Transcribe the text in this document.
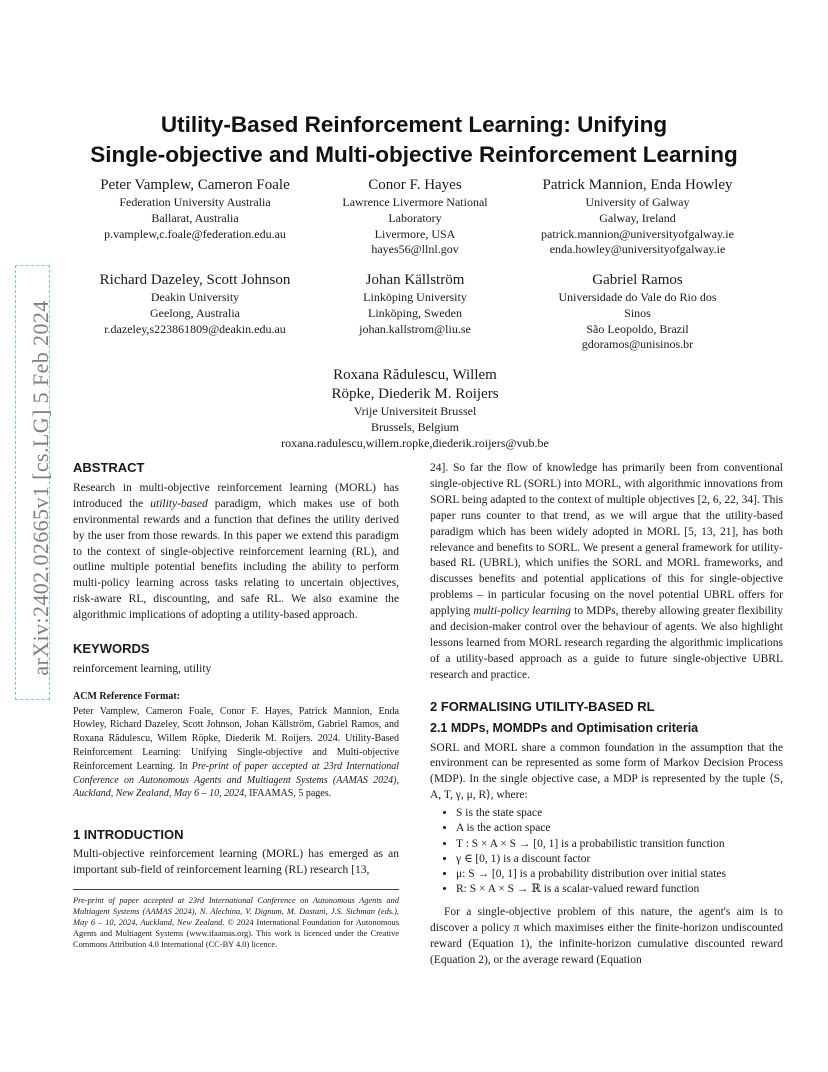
arXiv:2402.02665v1 [cs.LG] 5 Feb 2024
Utility-Based Reinforcement Learning: Unifying
Single-objective and Multi-objective Reinforcement Learning
Peter Vamplew, Cameron Foale
Federation University Australia
Ballarat, Australia
p.vamplew,c.foale@federation.edu.au
Conor F. Hayes
Lawrence Livermore National
Laboratory
Livermore, USA
hayes56@llnl.gov
Patrick Mannion, Enda Howley
University of Galway
Galway, Ireland
patrick.mannion@universityofgalway.ie
enda.howley@universityofgalway.ie
Richard Dazeley, Scott Johnson
Deakin University
Geelong, Australia
r.dazeley,s223861809@deakin.edu.au
Johan Källström
Linköping University
Linköping, Sweden
johan.kallstrom@liu.se
Gabriel Ramos
Universidade do Vale do Rio dos
Sinos
São Leopoldo, Brazil
gdoramos@unisinos.br
Roxana Rădulescu, Willem
Röpke, Diederik M. Roijers
Vrije Universiteit Brussel
Brussels, Belgium
roxana.radulescu,willem.ropke,diederik.roijers@vub.be
ABSTRACT

Research in multi-objective reinforcement learning (MORL) has introduced the utility-based paradigm, which makes use of both environmental rewards and a function that defines the utility derived by the user from those rewards. In this paper we extend this paradigm to the context of single-objective reinforcement learning (RL), and outline multiple potential benefits including the ability to perform multi-policy learning across tasks relating to uncertain objectives, risk-aware RL, discounting, and safe RL. We also examine the algorithmic implications of adopting a utility-based approach.

KEYWORDS

reinforcement learning, utility

ACM Reference Format:

Peter Vamplew, Cameron Foale, Conor F. Hayes, Patrick Mannion, Enda Howley, Richard Dazeley, Scott Johnson, Johan Källström, Gabriel Ramos, and Roxana Rădulescu, Willem Röpke, Diederik M. Roijers. 2024. Utility-Based Reinforcement Learning: Unifying Single-objective and Multi-objective Reinforcement Learning. In Pre-print of paper accepted at 23rd International Conference on Autonomous Agents and Multiagent Systems (AAMAS 2024), Auckland, New Zealand, May 6 – 10, 2024, IFAAMAS, 5 pages.

1 INTRODUCTION

Multi-objective reinforcement learning (MORL) has emerged as an important sub-field of reinforcement learning (RL) research [13,

Pre-print of paper accepted at 23rd International Conference on Autonomous Agents and Multiagent Systems (AAMAS 2024), N. Alechina, V. Dignum, M. Dastani, J.S. Sichman (eds.), May 6 – 10, 2024, Auckland, New Zealand. © 2024 International Foundation for Autonomous Agents and Multiagent Systems (www.ifaamas.org). This work is licenced under the Creative Commons Attribution 4.0 International (CC-BY 4.0) licence.

24]. So far the flow of knowledge has primarily been from conventional single-objective RL (SORL) into MORL, with algorithmic innovations from SORL being adapted to the context of multiple objectives [2, 6, 22, 34]. This paper runs counter to that trend, as we will argue that the utility-based paradigm which has been widely adopted in MORL [5, 13, 21], has both relevance and benefits to SORL. We present a general framework for utility-based RL (UBRL), which unifies the SORL and MORL frameworks, and discusses benefits and potential applications of this for single-objective problems – in particular focusing on the novel potential UBRL offers for applying multi-policy learning to MDPs, thereby allowing greater flexibility and decision-maker control over the behaviour of agents. We also highlight lessons learned from MORL research regarding the algorithmic implications of a utility-based approach as a guide to future single-objective UBRL research and practice.

2 FORMALISING UTILITY-BASED RL
2.1 MDPs, MOMDPs and Optimisation criteria

SORL and MORL share a common foundation in the assumption that the environment can be represented as some form of Markov Decision Process (MDP). In the single objective case, a MDP is represented by the tuple ⟨S, A, T, γ, μ, R⟩, where:

• S is the state space
• A is the action space
• T : S × A × S → [0, 1] is a probabilistic transition function
• γ ∈ [0, 1) is a discount factor
• μ: S → [0, 1] is a probability distribution over initial states
• R: S × A × S → ℝ is a scalar-valued reward function

For a single-objective problem of this nature, the agent's aim is to discover a policy π which maximises either the finite-horizon undiscounted reward (Equation 1), the infinite-horizon cumulative discounted reward (Equation 2), or the average reward (Equation
